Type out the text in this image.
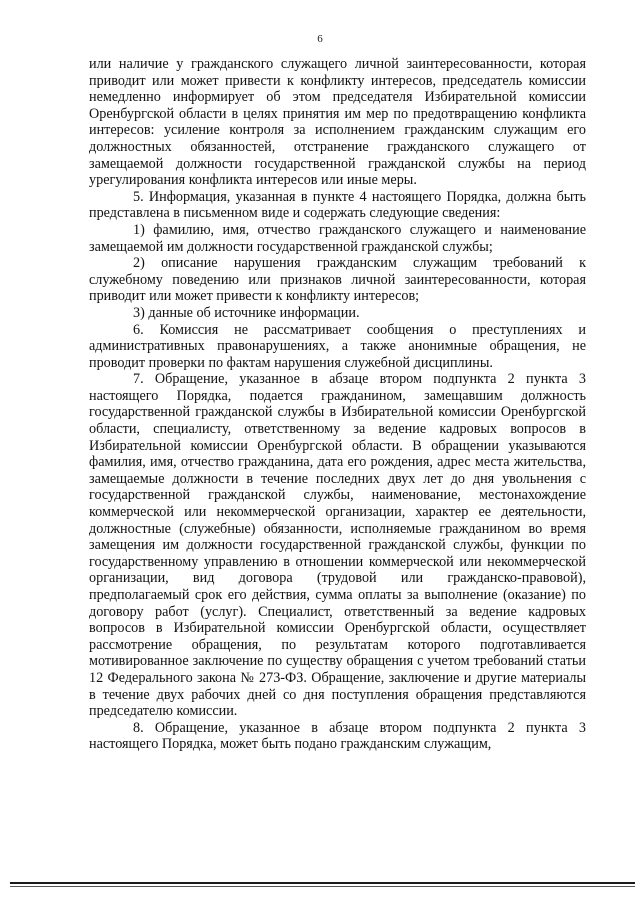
6

или наличие у гражданского служащего личной заинтересованности, которая приводит или может привести к конфликту интересов, председатель комиссии немедленно информирует об этом председателя Избирательной комиссии Оренбургской области в целях принятия им мер по предотвращению конфликта интересов: усиление контроля за исполнением гражданским служащим его должностных обязанностей, отстранение гражданского служащего от замещаемой должности государственной гражданской службы на период урегулирования конфликта интересов или иные меры.

5. Информация, указанная в пункте 4 настоящего Порядка, должна быть представлена в письменном виде и содержать следующие сведения:

1) фамилию, имя, отчество гражданского служащего и наименование замещаемой им должности государственной гражданской службы;

2) описание нарушения гражданским служащим требований к служебному поведению или признаков личной заинтересованности, которая приводит или может привести к конфликту интересов;

3) данные об источнике информации.

6. Комиссия не рассматривает сообщения о преступлениях и административных правонарушениях, а также анонимные обращения, не проводит проверки по фактам нарушения служебной дисциплины.

7. Обращение, указанное в абзаце втором подпункта 2 пункта 3 настоящего Порядка, подается гражданином, замещавшим должность государственной гражданской службы в Избирательной комиссии Оренбургской области, специалисту, ответственному за ведение кадровых вопросов в Избирательной комиссии Оренбургской области. В обращении указываются фамилия, имя, отчество гражданина, дата его рождения, адрес места жительства, замещаемые должности в течение последних двух лет до дня увольнения с государственной гражданской службы, наименование, местонахождение коммерческой или некоммерческой организации, характер ее деятельности, должностные (служебные) обязанности, исполняемые гражданином во время замещения им должности государственной гражданской службы, функции по государственному управлению в отношении коммерческой или некоммерческой организации, вид договора (трудовой или гражданско-правовой), предполагаемый срок его действия, сумма оплаты за выполнение (оказание) по договору работ (услуг). Специалист, ответственный за ведение кадровых вопросов в Избирательной комиссии Оренбургской области, осуществляет рассмотрение обращения, по результатам которого подготавливается мотивированное заключение по существу обращения с учетом требований статьи 12 Федерального закона № 273-ФЗ. Обращение, заключение и другие материалы в течение двух рабочих дней со дня поступления обращения представляются председателю комиссии.

8. Обращение, указанное в абзаце втором подпункта 2 пункта 3 настоящего Порядка, может быть подано гражданским служащим,
